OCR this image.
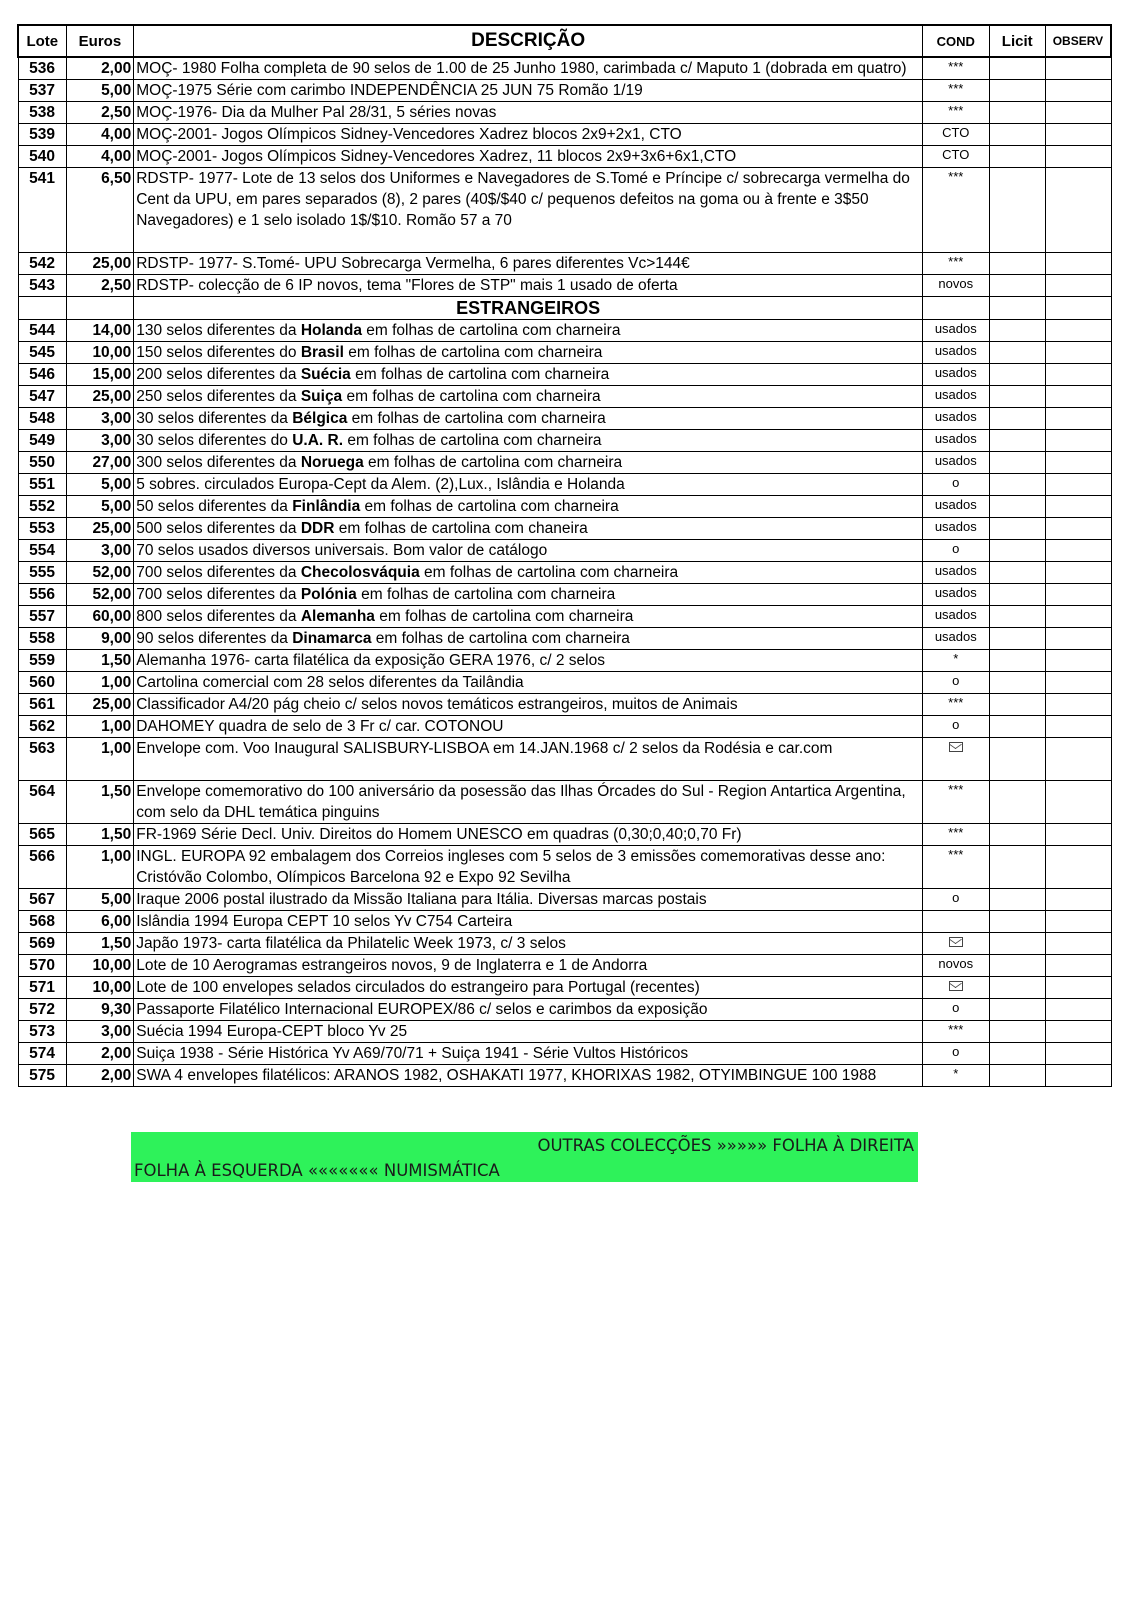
Lote	Euros	DESCRIÇÃO	COND	Licit	OBSERV
536	2,00	MOÇ- 1980 Folha completa de 90 selos de 1.00 de 25 Junho 1980, carimbada c/ Maputo 1 (dobrada em quatro)	***		
537	5,00	MOÇ-1975 Série com carimbo INDEPENDÊNCIA 25 JUN 75 Romão 1/19	***		
538	2,50	MOÇ-1976- Dia da Mulher Pal 28/31, 5 séries novas	***		
539	4,00	MOÇ-2001- Jogos Olímpicos Sidney-Vencedores Xadrez blocos 2x9+2x1, CTO	CTO		
540	4,00	MOÇ-2001- Jogos Olímpicos Sidney-Vencedores Xadrez, 11 blocos 2x9+3x6+6x1,CTO	CTO		
541	6,50	RDSTP- 1977- Lote de 13 selos dos Uniformes e Navegadores de S.Tomé e Príncipe c/ sobrecarga vermelha do Cent da UPU, em pares separados (8), 2 pares (40$/$40 c/ pequenos defeitos na goma ou à frente e 3$50 Navegadores) e 1 selo isolado 1$/$10. Romão 57 a 70	***		
542	25,00	RDSTP- 1977- S.Tomé- UPU Sobrecarga Vermelha, 6 pares diferentes Vc>144€	***		
543	2,50	RDSTP- colecção de 6 IP novos, tema "Flores de STP" mais 1 usado de oferta	novos		
		ESTRANGEIROS			
544	14,00	130 selos diferentes da Holanda em folhas de cartolina com charneira	usados		
545	10,00	150 selos diferentes do Brasil em folhas de cartolina com charneira	usados		
546	15,00	200 selos diferentes da Suécia em folhas de cartolina com charneira	usados		
547	25,00	250 selos diferentes da Suiça em folhas de cartolina com charneira	usados		
548	3,00	30 selos diferentes da Bélgica em folhas de cartolina com charneira	usados		
549	3,00	30 selos diferentes do U.A. R. em folhas de cartolina com charneira	usados		
550	27,00	300 selos diferentes da Noruega em folhas de cartolina com charneira	usados		
551	5,00	5 sobres. circulados Europa-Cept da Alem. (2),Lux., Islândia e Holanda	o		
552	5,00	50 selos diferentes da Finlândia em folhas de cartolina com charneira	usados		
553	25,00	500 selos diferentes da DDR em folhas de cartolina com chaneira	usados		
554	3,00	70 selos usados diversos universais. Bom valor de catálogo	o		
555	52,00	700 selos diferentes da Checolosváquia em folhas de cartolina com charneira	usados		
556	52,00	700 selos diferentes da Polónia em folhas de cartolina com charneira	usados		
557	60,00	800 selos diferentes da Alemanha em folhas de cartolina com charneira	usados		
558	9,00	90 selos diferentes da Dinamarca em folhas de cartolina com charneira	usados		
559	1,50	Alemanha 1976- carta filatélica da exposição GERA 1976, c/ 2 selos	*		
560	1,00	Cartolina comercial com 28 selos diferentes da Tailândia	o		
561	25,00	Classificador A4/20 pág cheio c/ selos novos temáticos estrangeiros, muitos de Animais	***		
562	1,00	DAHOMEY quadra de selo de 3 Fr c/ car. COTONOU	o		
563	1,00	Envelope com. Voo Inaugural SALISBURY-LISBOA em 14.JAN.1968 c/ 2 selos da Rodésia e car.com			
564	1,50	Envelope comemorativo do 100 aniversário da posessão das Ilhas Órcades do Sul - Region Antartica Argentina, com selo da DHL temática pinguins	***		
565	1,50	FR-1969 Série Decl. Univ. Direitos do Homem UNESCO em quadras (0,30;0,40;0,70 Fr)	***		
566	1,00	INGL. EUROPA 92 embalagem dos Correios ingleses com 5 selos de 3 emissões comemorativas desse ano: Cristóvão Colombo, Olímpicos Barcelona 92 e Expo 92 Sevilha	***		
567	5,00	Iraque 2006 postal ilustrado da Missão Italiana para Itália. Diversas marcas postais	o		
568	6,00	Islândia 1994 Europa CEPT 10 selos Yv C754 Carteira			
569	1,50	Japão 1973- carta filatélica da Philatelic Week 1973, c/ 3 selos			
570	10,00	Lote de 10 Aerogramas estrangeiros novos, 9 de Inglaterra e 1 de Andorra	novos		
571	10,00	Lote de 100 envelopes selados circulados do estrangeiro para Portugal (recentes)			
572	9,30	Passaporte Filatélico Internacional EUROPEX/86 c/ selos e carimbos da exposição	o		
573	3,00	Suécia 1994 Europa-CEPT bloco Yv 25	***		
574	2,00	Suiça 1938 - Série Histórica Yv A69/70/71 + Suiça 1941 - Série Vultos Históricos	o		
575	2,00	SWA 4 envelopes filatélicos: ARANOS 1982, OSHAKATI 1977, KHORIXAS 1982, OTYIMBINGUE 100 1988	*		
OUTRAS COLECÇÕES »»»»» FOLHA À DIREITA
FOLHA À ESQUERDA ««««««« NUMISMÁTICA
